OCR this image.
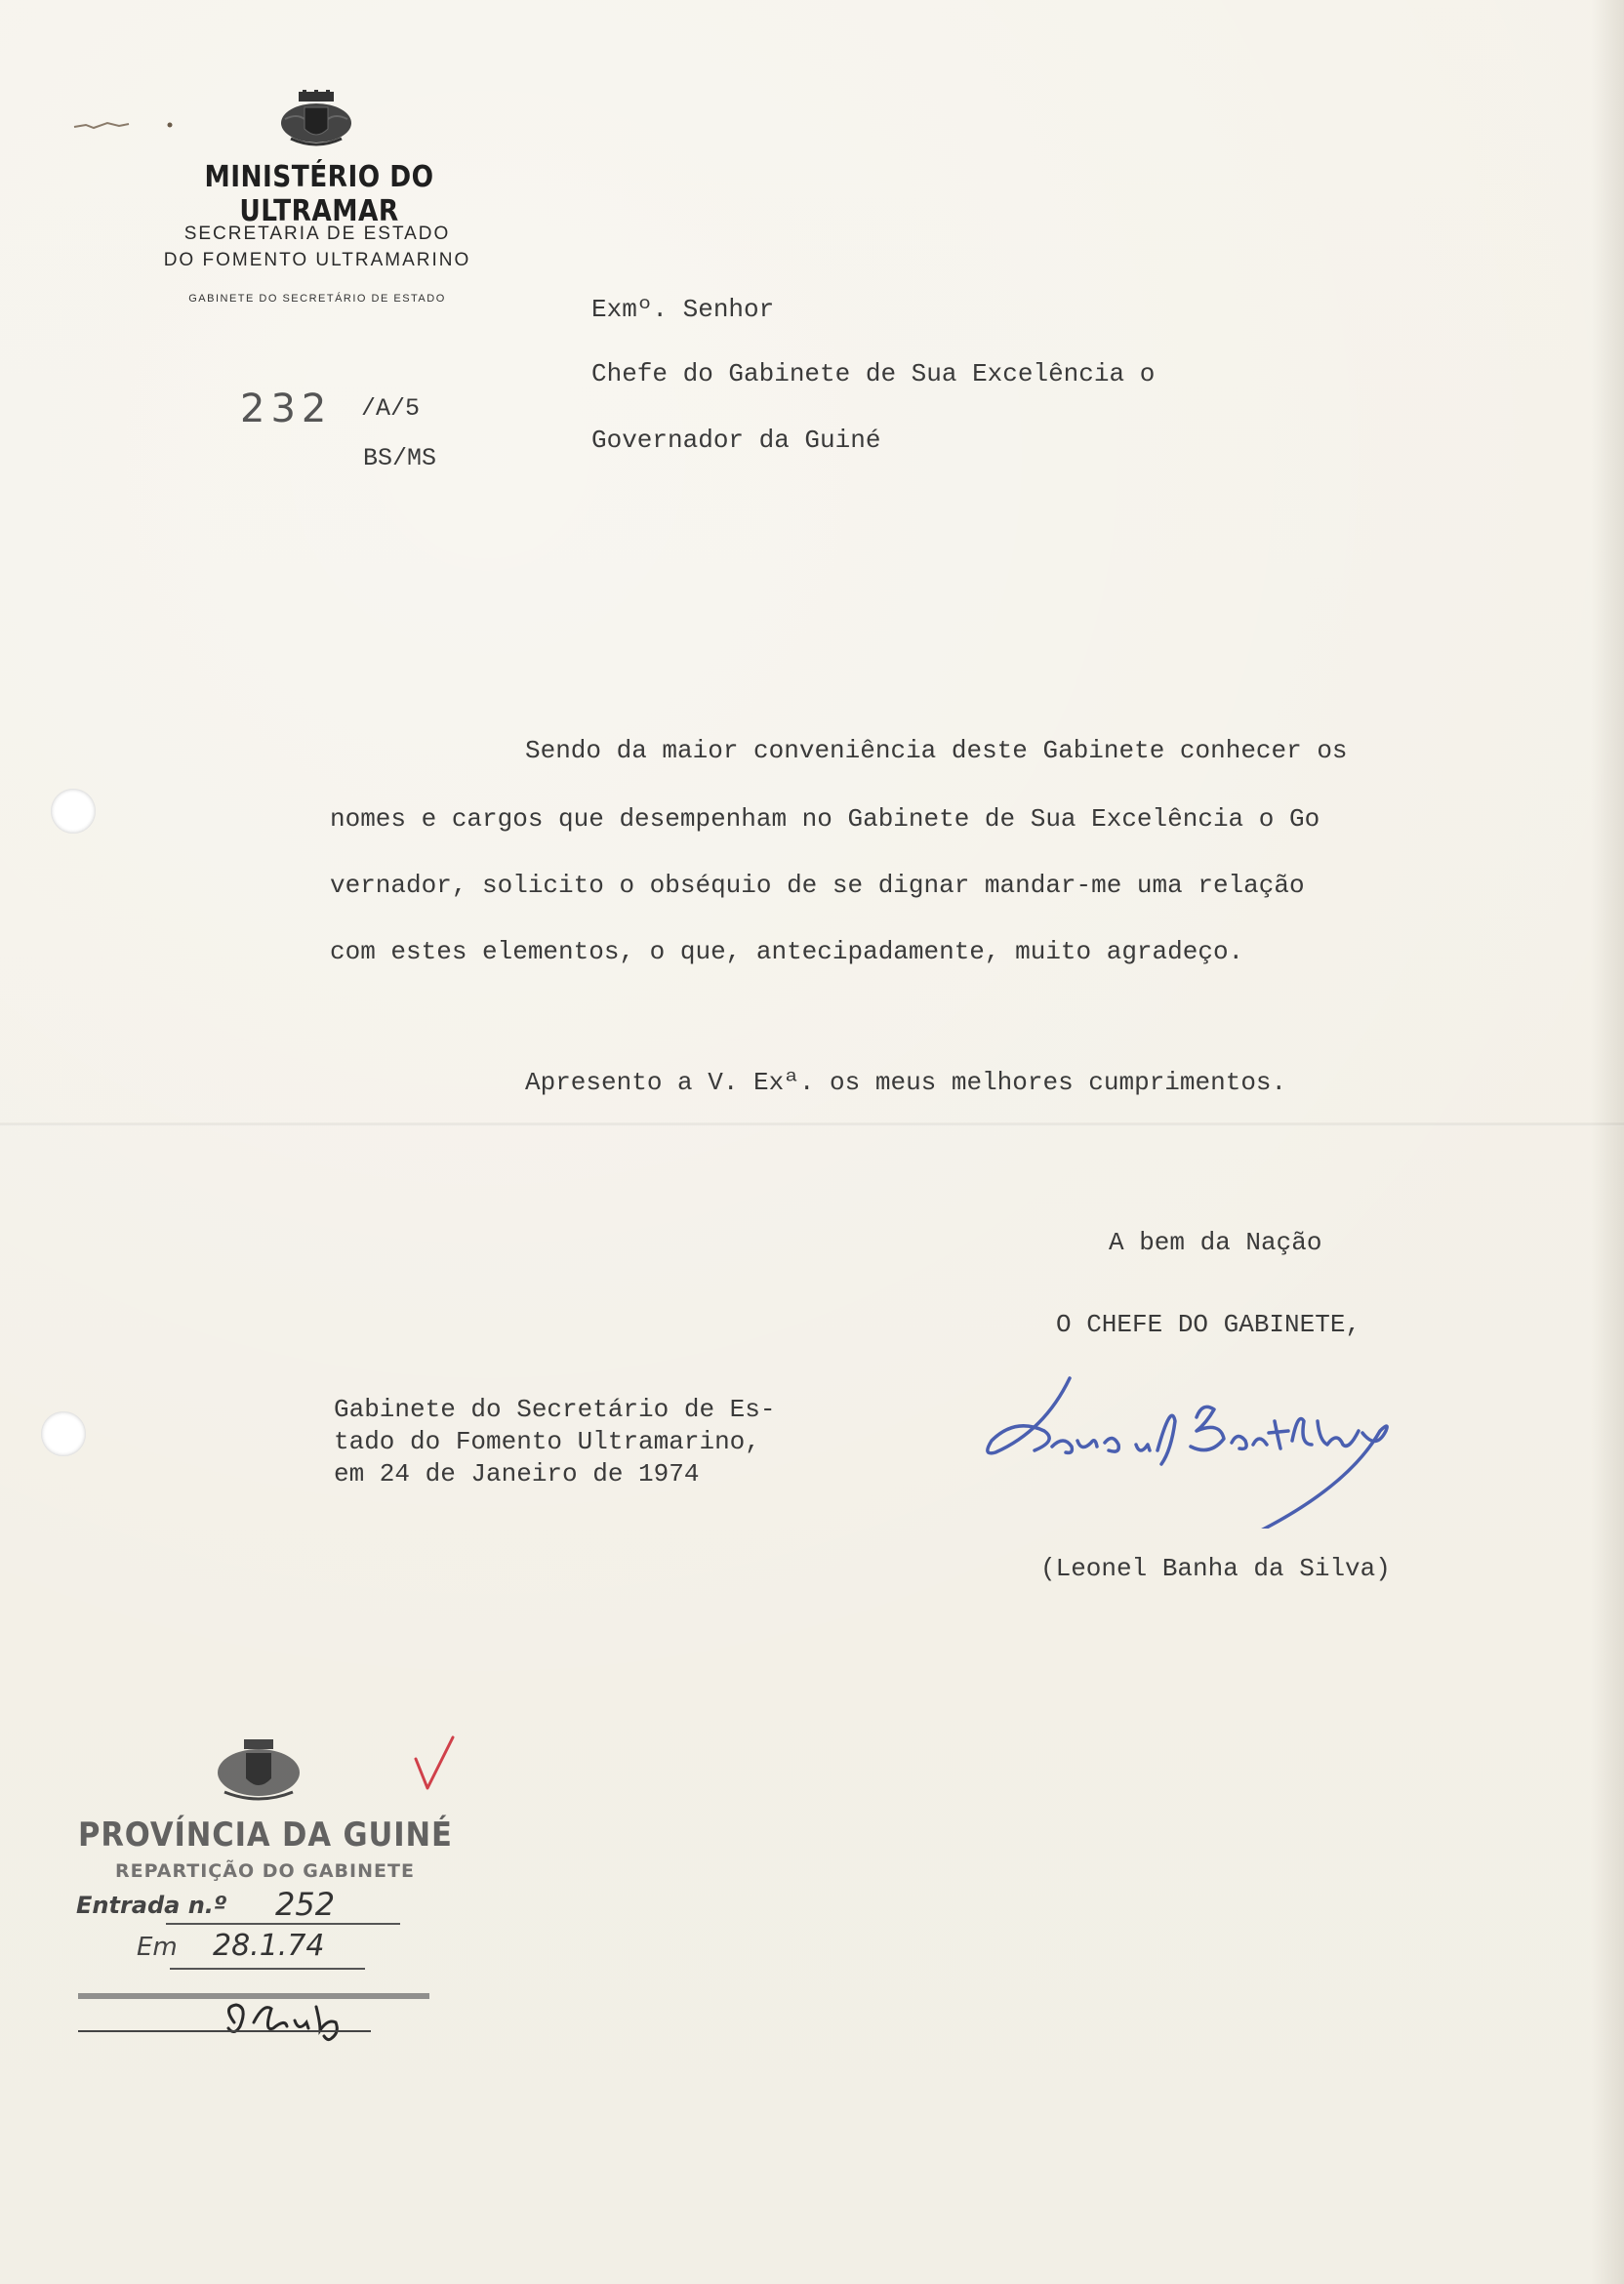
MINISTÉRIO DO ULTRAMAR
SECRETARIA DE ESTADO
DO FOMENTO ULTRAMARINO
GABINETE DO SECRETÁRIO DE ESTADO
232 /A/5
BS/MS
Exmº. Senhor
Chefe do Gabinete de Sua Excelência o
Governador da Guiné
Sendo da maior conveniência deste Gabinete conhecer os
nomes e cargos que desempenham no Gabinete de Sua Excelência o Go
vernador, solicito o obséquio de se dignar mandar-me uma relação
com estes elementos, o que, antecipadamente, muito agradeço.
Apresento a V. Exª. os meus melhores cumprimentos.
A bem da Nação
O CHEFE DO GABINETE,
(Leonel Banha da Silva)
Gabinete do Secretário de Es-
tado do Fomento Ultramarino,
em 24 de Janeiro de 1974
PROVÍNCIA DA GUINÉ
REPARTIÇÃO DO GABINETE
Entrada n.º 252
Em 28.1.74
